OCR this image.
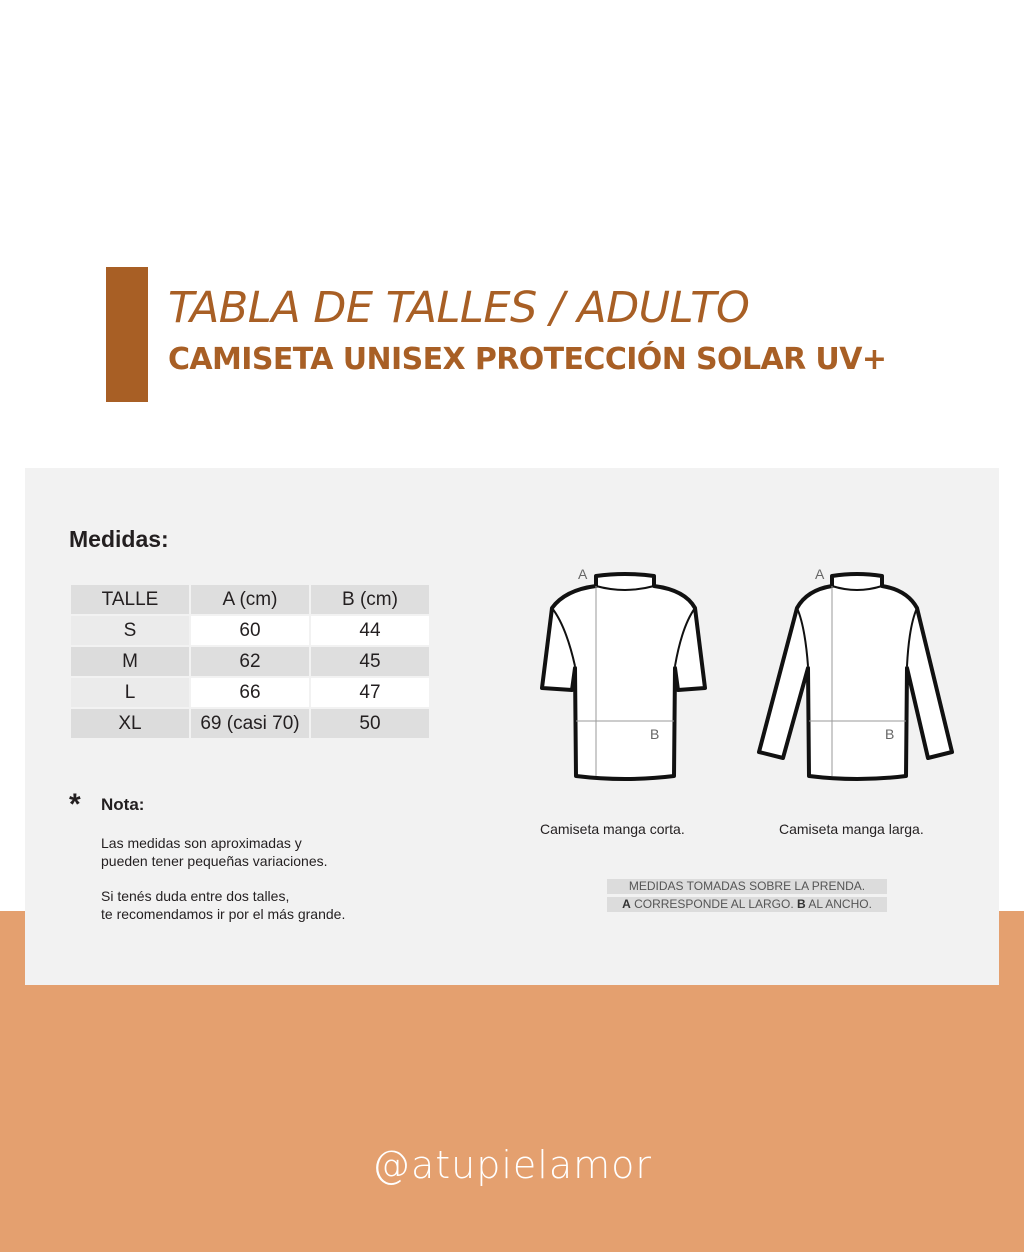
TABLA DE TALLES / ADULTO
CAMISETA UNISEX PROTECCIÓN SOLAR UV+
Medidas:
TALLE	A (cm)	B (cm)
S	60	44
M	62	45
L	66	47
XL	69 (casi 70)	50
* Nota:
Las medidas son aproximadas y
pueden tener pequeñas variaciones.
Si tenés duda entre dos talles,
te recomendamos ir por el más grande.
A
B
Camiseta manga corta.
A
B
Camiseta manga larga.
MEDIDAS TOMADAS SOBRE LA PRENDA.
A CORRESPONDE AL LARGO. B AL ANCHO.
@atupielamor
